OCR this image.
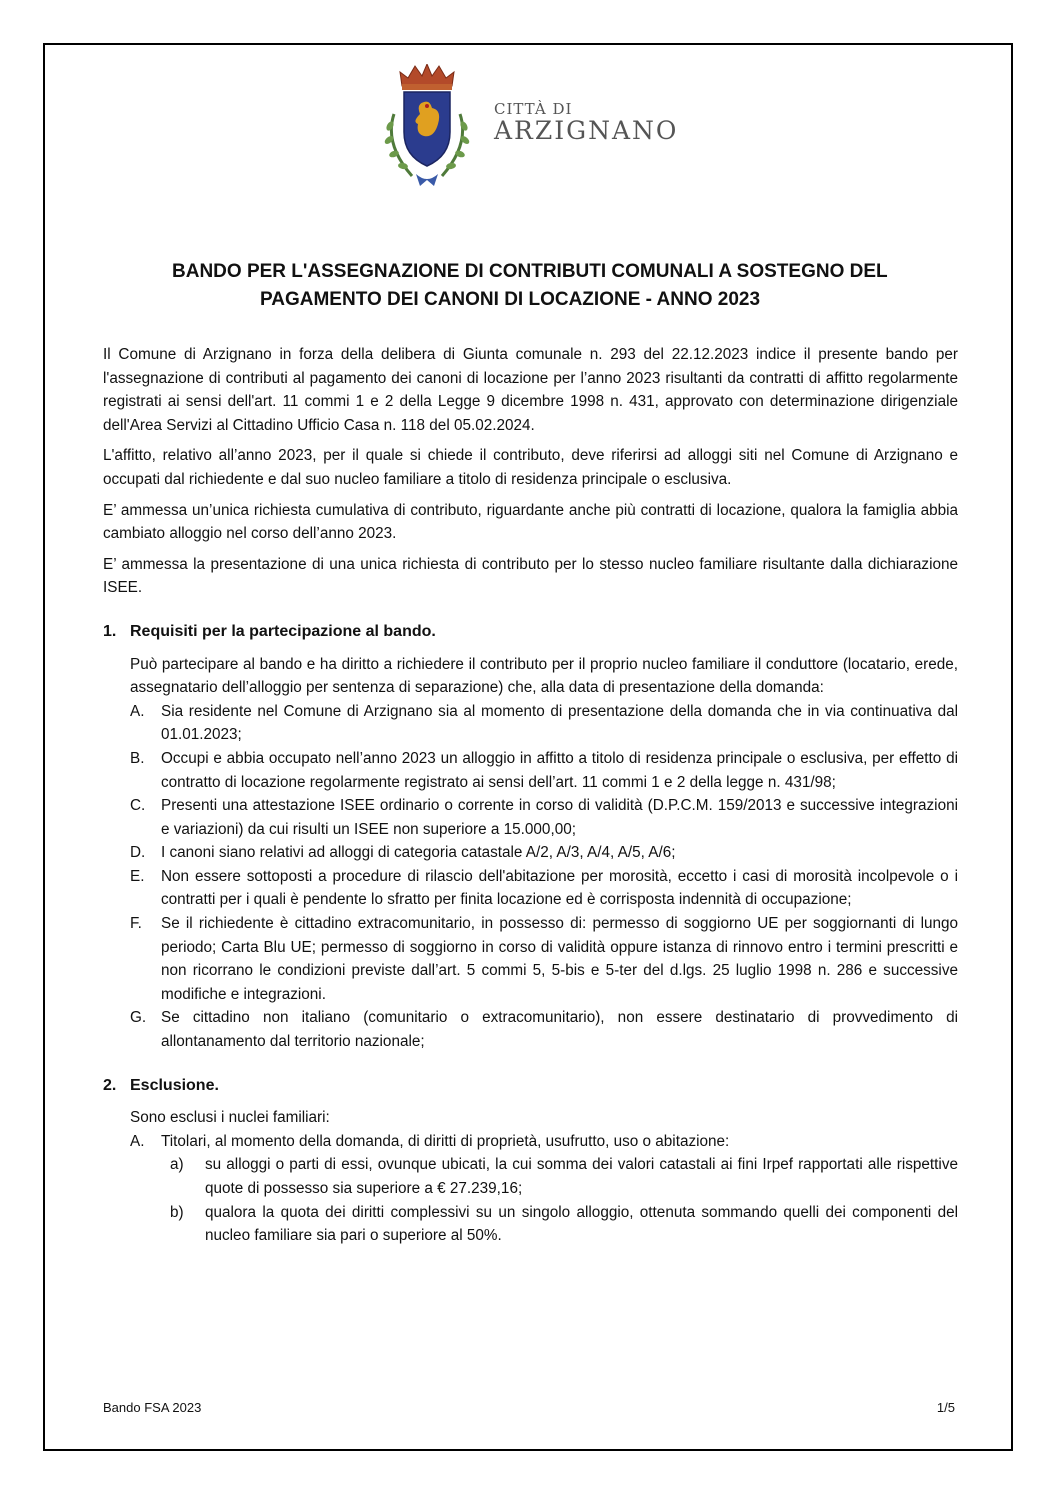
CITTÀ DI
ARZIGNANO
BANDO PER L'ASSEGNAZIONE DI CONTRIBUTI COMUNALI A SOSTEGNO DEL
PAGAMENTO DEI CANONI DI LOCAZIONE - ANNO 2023

Il Comune di Arzignano in forza della delibera di Giunta comunale n. 293 del 22.12.2023 indice il presente bando per l'assegnazione di contributi al pagamento dei canoni di locazione per l’anno 2023 risultanti da contratti di affitto regolarmente registrati ai sensi dell'art. 11 commi 1 e 2 della Legge 9 dicembre 1998 n. 431, approvato con determinazione dirigenziale dell'Area Servizi al Cittadino Ufficio Casa n. 118 del 05.02.2024.

L'affitto, relativo all’anno 2023, per il quale si chiede il contributo, deve riferirsi ad alloggi siti nel Comune di Arzignano e occupati dal richiedente e dal suo nucleo familiare a titolo di residenza principale o esclusiva.

E’ ammessa un’unica richiesta cumulativa di contributo, riguardante anche più contratti di locazione, qualora la famiglia abbia cambiato alloggio nel corso dell’anno 2023.

E’ ammessa la presentazione di una unica richiesta di contributo per lo stesso nucleo familiare risultante dalla dichiarazione ISEE.

1. Requisiti per la partecipazione al bando.

Può partecipare al bando e ha diritto a richiedere il contributo per il proprio nucleo familiare il conduttore (locatario, erede, assegnatario dell’alloggio per sentenza di separazione) che, alla data di presentazione della domanda:

A.	Sia residente nel Comune di Arzignano sia al momento di presentazione della domanda che in via continuativa dal 01.01.2023;
B.	Occupi e abbia occupato nell’anno 2023 un alloggio in affitto a titolo di residenza principale o esclusiva, per effetto di contratto di locazione regolarmente registrato ai sensi dell’art. 11 commi 1 e 2 della legge n. 431/98;
C.	Presenti una attestazione ISEE ordinario o corrente in corso di validità (D.P.C.M. 159/2013 e successive integrazioni e variazioni) da cui risulti un ISEE non superiore a 15.000,00;
D.	I canoni siano relativi ad alloggi di categoria catastale A/2, A/3, A/4, A/5, A/6;
E.	Non essere sottoposti a procedure di rilascio dell'abitazione per morosità, eccetto i casi di morosità incolpevole o i contratti per i quali è pendente lo sfratto per finita locazione ed è corrisposta indennità di occupazione;
F.	Se il richiedente è cittadino extracomunitario, in possesso di: permesso di soggiorno UE per soggiornanti di lungo periodo; Carta Blu UE; permesso di soggiorno in corso di validità oppure istanza di rinnovo entro i termini prescritti e non ricorrano le condizioni previste dall’art. 5 commi 5, 5-bis e 5-ter del d.lgs. 25 luglio 1998 n. 286 e successive modifiche e integrazioni.
G. Se cittadino non italiano (comunitario o extracomunitario), non essere destinatario di provvedimento di allontanamento dal territorio nazionale;
2. Esclusione.

Sono esclusi i nuclei familiari:

A.	Titolari, al momento della domanda, di diritti di proprietà, usufrutto, uso o abitazione:
a)	su alloggi o parti di essi, ovunque ubicati, la cui somma dei valori catastali ai fini Irpef rapportati alle rispettive quote di possesso sia superiore a € 27.239,16;
b)	qualora la quota dei diritti complessivi su un singolo alloggio, ottenuta sommando quelli dei componenti del nucleo familiare sia pari o superiore al 50%.
Bando FSA 2023	1/5
